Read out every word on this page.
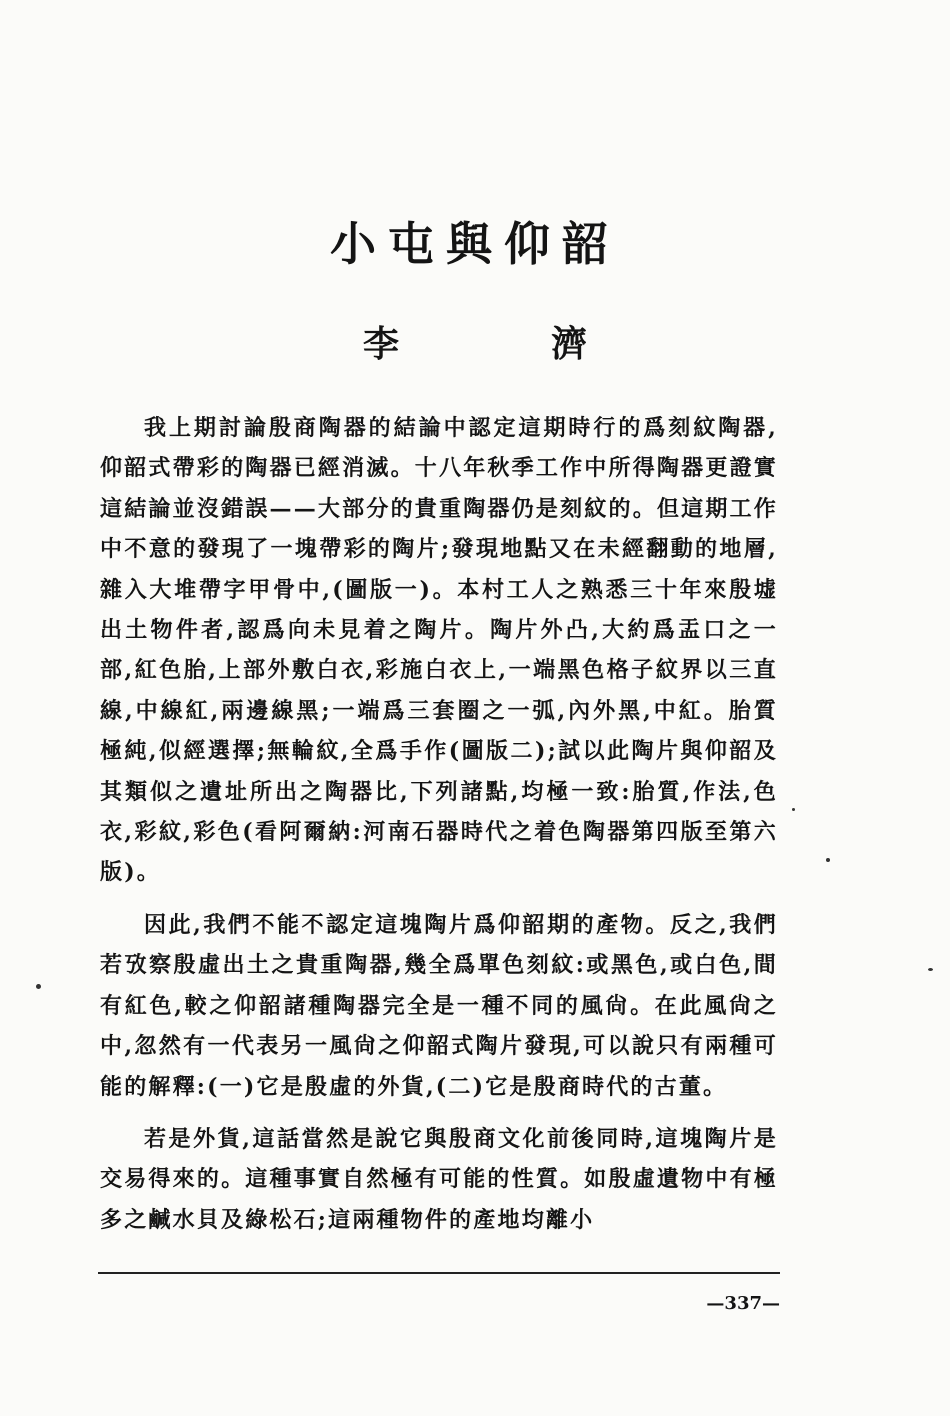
小屯與仰韶
李　濟

我上期討論殷商陶器的結論中認定這期時行的爲刻紋陶器,仰韶式帶彩的陶器已經消滅。十八年秋季工作中所得陶器更證實這結論並沒錯誤——大部分的貴重陶器仍是刻紋的。但這期工作中不意的發現了一塊帶彩的陶片;發現地點又在未經翻動的地層,雜入大堆帶字甲骨中,(圖版一)。本村工人之熟悉三十年來殷墟出土物件者,認爲向未見着之陶片。陶片外凸,大約爲盂口之一部,紅色胎,上部外敷白衣,彩施白衣上,一端黑色格子紋界以三直線,中線紅,兩邊線黑;一端爲三套圈之一弧,內外黑,中紅。胎質極純,似經選擇;無輪紋,全爲手作(圖版二);試以此陶片與仰韶及其類似之遺址所出之陶器比,下列諸點,均極一致:胎質,作法,色衣,彩紋,彩色(看阿爾納:河南石器時代之着色陶器第四版至第六版)。

因此,我們不能不認定這塊陶片爲仰韶期的產物。反之,我們若攷察殷虛出土之貴重陶器,幾全爲單色刻紋:或黑色,或白色,間有紅色,較之仰韶諸種陶器完全是一種不同的風尙。在此風尙之中,忽然有一代表另一風尙之仰韶式陶片發現,可以說只有兩種可能的解釋:(一)它是殷虛的外貨,(二)它是殷商時代的古董。

若是外貨,這話當然是說它與殷商文化前後同時,這塊陶片是交易得來的。這種事實自然極有可能的性質。如殷虛遺物中有極多之鹹水貝及綠松石;這兩種物件的產地均離小

—337—
